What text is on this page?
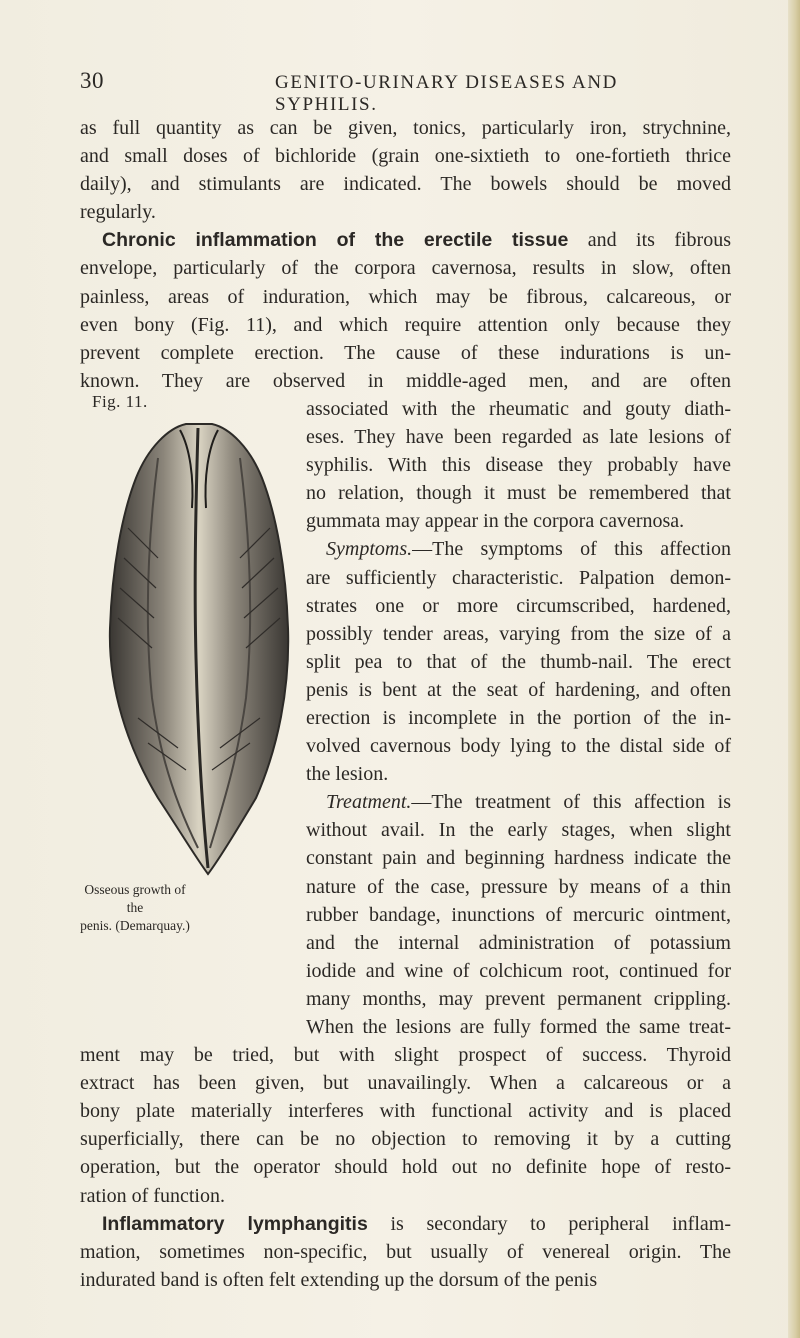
30	GENITO-URINARY DISEASES AND SYPHILIS.
as full quantity as can be given, tonics, particularly iron, strychnine,
and small doses of bichloride (grain one-sixtieth to one-fortieth thrice
daily), and stimulants are indicated. The bowels should be moved
regularly.
Chronic inflammation of the erectile tissue and its fibrous
envelope, particularly of the corpora cavernosa, results in slow, often
painless, areas of induration, which may be fibrous, calcareous, or
even bony (Fig. 11), and which require attention only because they
prevent complete erection. The cause of these indurations is un-
known. They are observed in middle-aged men, and are often
associated with the rheumatic and gouty diath-
eses. They have been regarded as late lesions of
syphilis. With this disease they probably have
no relation, though it must be remembered that
gummata may appear in the corpora cavernosa.
Symptoms.—The symptoms of this affection
are sufficiently characteristic. Palpation demon-
strates one or more circumscribed, hardened,
possibly tender areas, varying from the size of a
split pea to that of the thumb-nail. The erect
penis is bent at the seat of hardening, and often
erection is incomplete in the portion of the in-
volved cavernous body lying to the distal side of
the lesion.
Treatment.—The treatment of this affection is
without avail. In the early stages, when slight
constant pain and beginning hardness indicate the
nature of the case, pressure by means of a thin
rubber bandage, inunctions of mercuric ointment,
and the internal administration of potassium
iodide and wine of colchicum root, continued for
many months, may prevent permanent crippling.
When the lesions are fully formed the same treat-
ment may be tried, but with slight prospect of success. Thyroid
extract has been given, but unavailingly. When a calcareous or a
bony plate materially interferes with functional activity and is placed
superficially, there can be no objection to removing it by a cutting
operation, but the operator should hold out no definite hope of resto-
ration of function.
Inflammatory lymphangitis is secondary to peripheral inflam-
mation, sometimes non-specific, but usually of venereal origin. The
indurated band is often felt extending up the dorsum of the penis
Fig. 11.
Osseous growth of the
penis. (Demarquay.)
